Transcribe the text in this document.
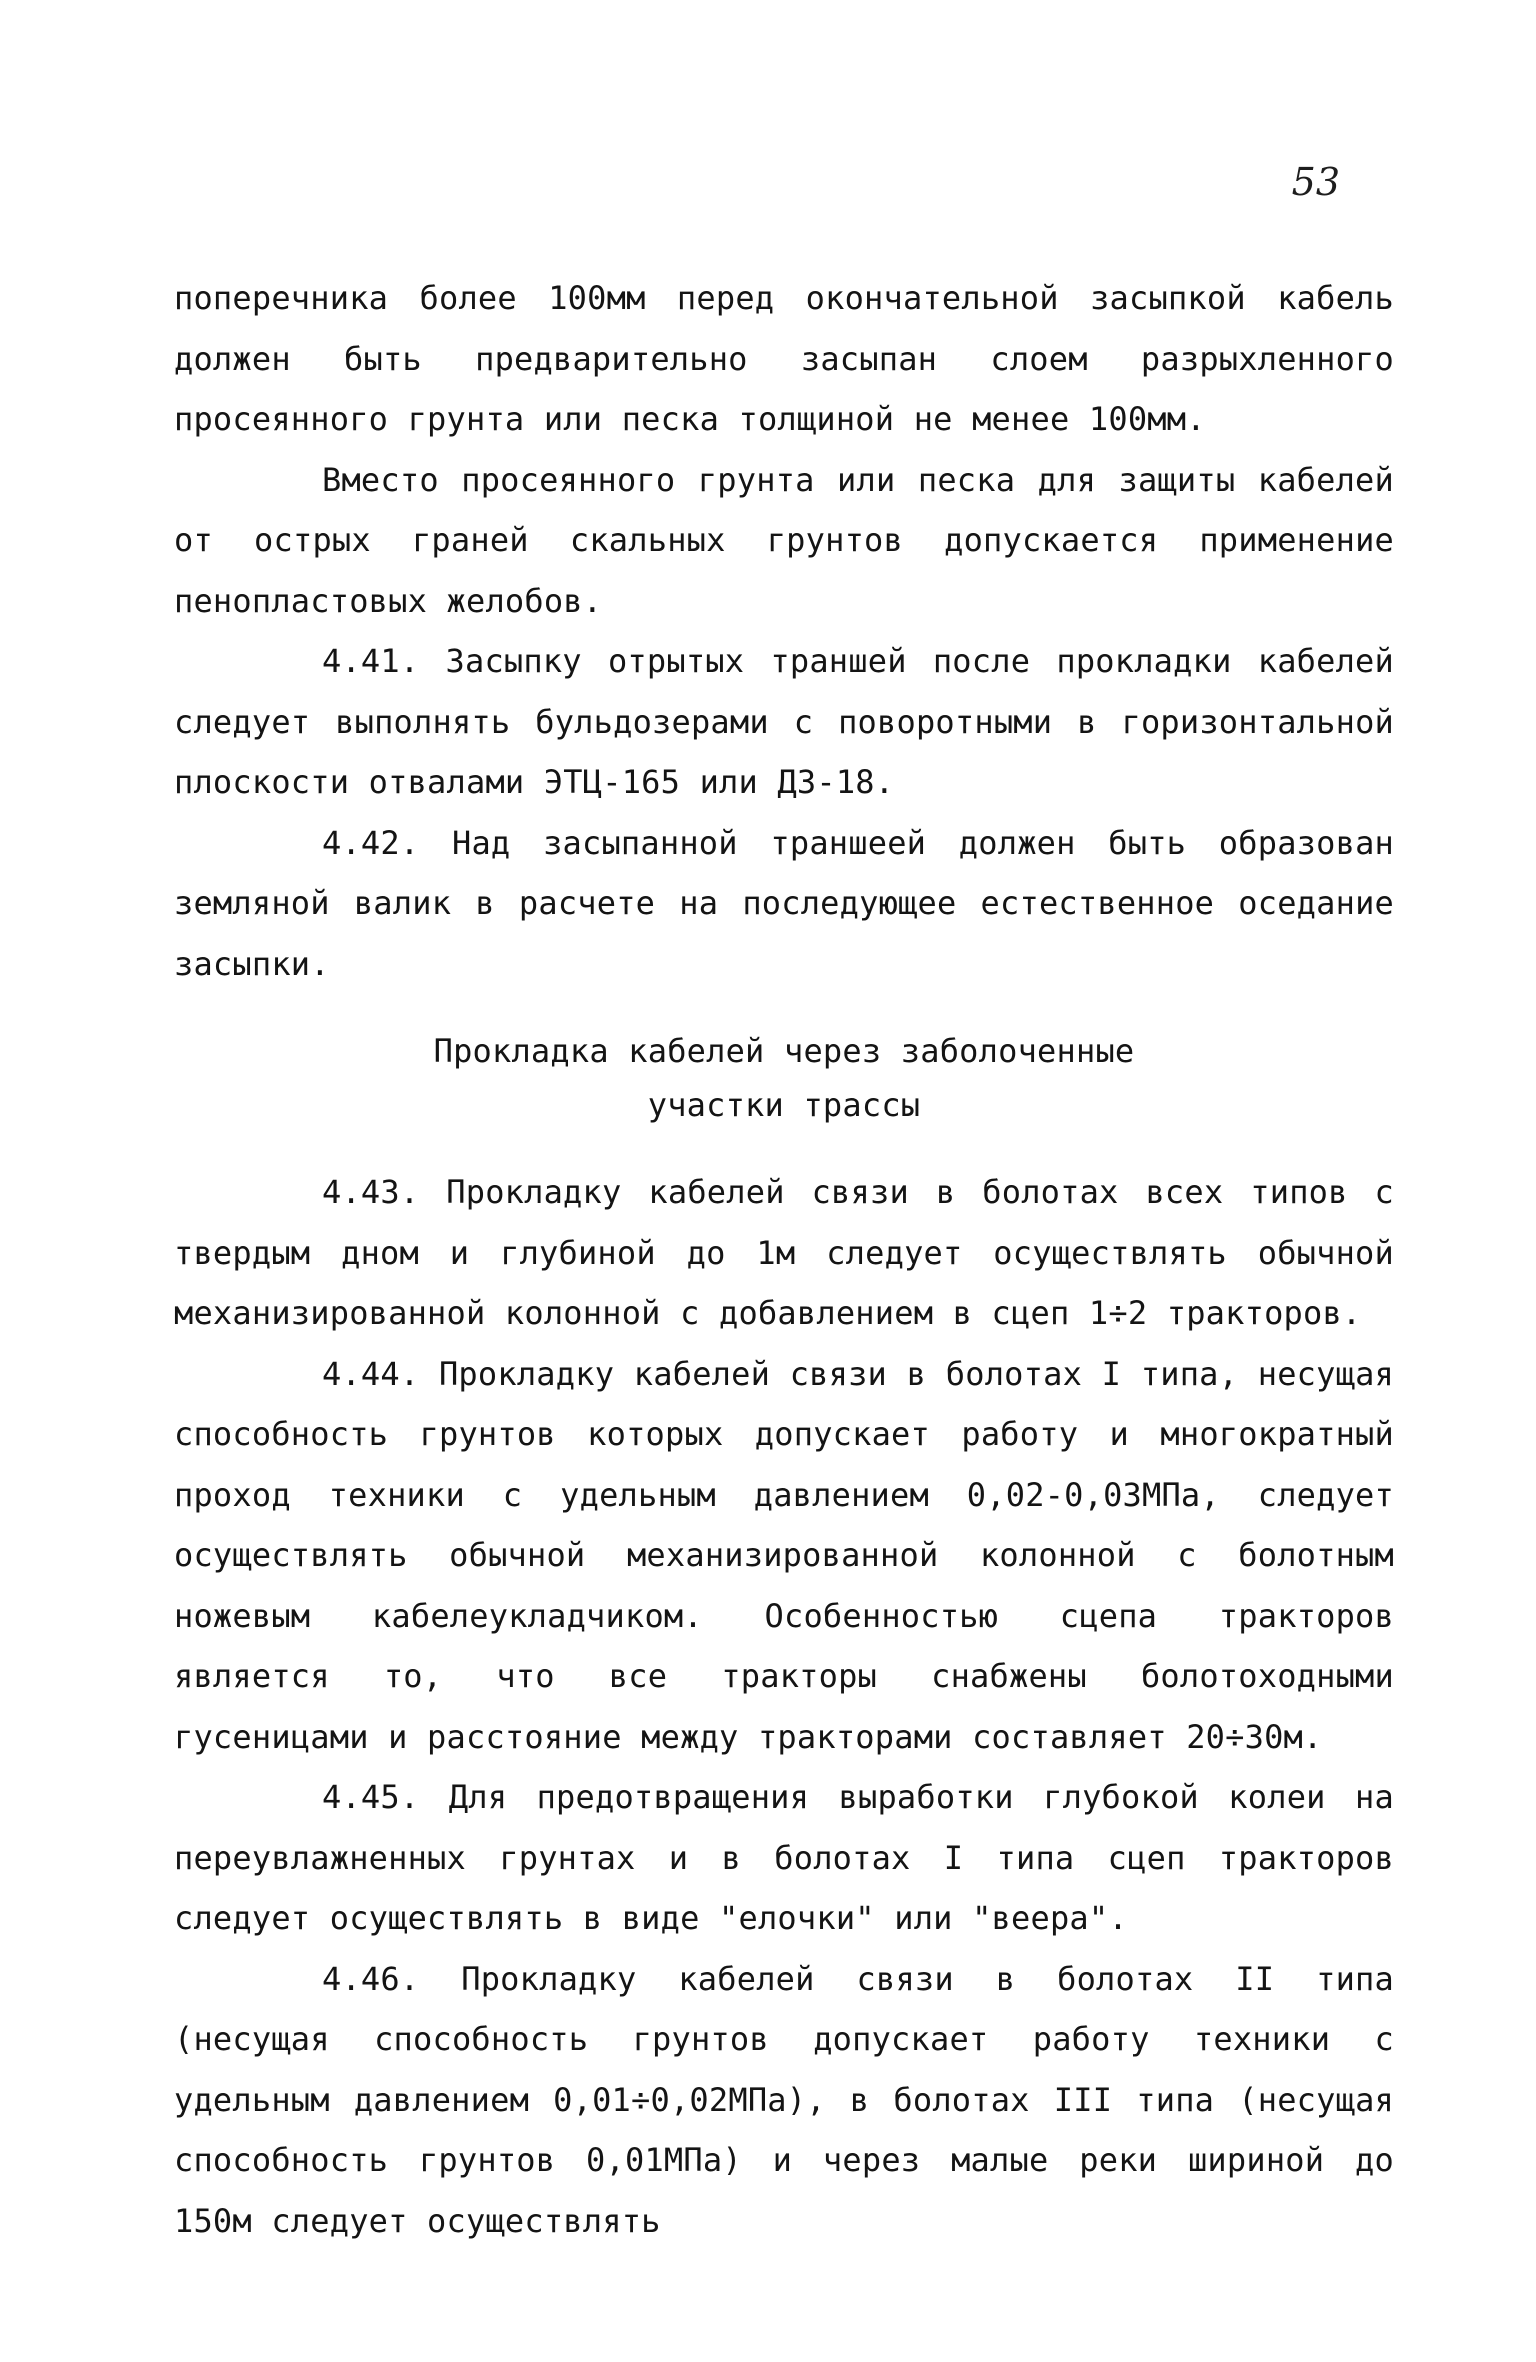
53

поперечника более 100мм перед окончательной засыпкой кабель должен быть предварительно засыпан слоем разрыхленного просеянного грунта или песка толщиной не менее 100мм.

Вместо просеянного грунта или песка для защиты кабелей от острых граней скальных грунтов допускается применение пенопластовых желобов.

4.41. Засыпку отрытых траншей после прокладки кабелей следует выполнять бульдозерами с поворотными в горизонтальной плоскости отвалами ЭТЦ-165 или ДЗ-18.

4.42. Над засыпанной траншеей должен быть образован земляной валик в расчете на последующее естественное оседание засыпки.

Прокладка кабелей через заболоченные
участки трассы

4.43. Прокладку кабелей связи в болотах всех типов с твердым дном и глубиной до 1м следует осуществлять обычной механизированной колонной с добавлением в сцеп 1÷2 тракторов.

4.44. Прокладку кабелей связи в болотах I типа, несущая способность грунтов которых допускает работу и многократный проход техники с удельным давлением 0,02-0,03МПа, следует осуществлять обычной механизированной колонной с болотным ножевым кабелеукладчиком. Особенностью сцепа тракторов является то, что все тракторы снабжены болотоходными гусеницами и расстояние между тракторами составляет 20÷30м.

4.45. Для предотвращения выработки глубокой колеи на переувлажненных грунтах и в болотах I типа сцеп тракторов следует осуществлять в виде "елочки" или "веера".

4.46. Прокладку кабелей связи в болотах II типа (несущая способность грунтов допускает работу техники с удельным давлением 0,01÷0,02МПа), в болотах III типа (несущая способность грунтов 0,01МПа) и через малые реки шириной до 150м следует осуществлять
